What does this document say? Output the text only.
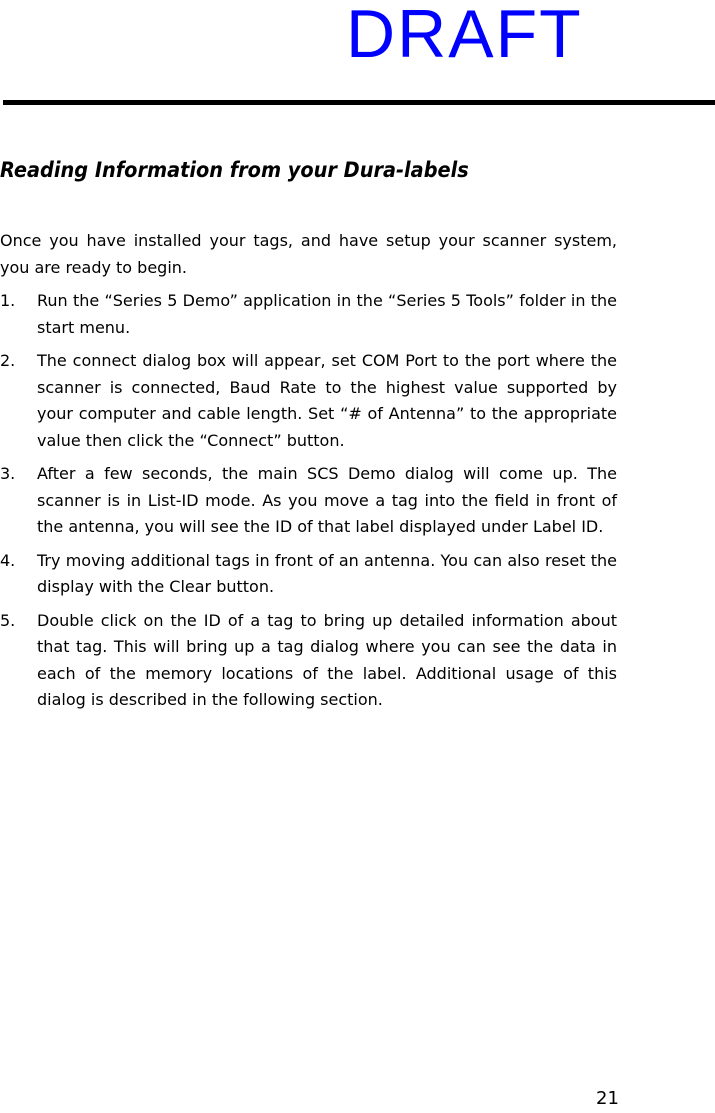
DRAFT
Reading Information from your Dura-labels

Once you have installed your tags, and have setup your scanner system, you are ready to begin.

1. Run the “Series 5 Demo” application in the “Series 5 Tools” folder in the start menu.
2. The connect dialog box will appear, set COM Port to the port where the scanner is connected, Baud Rate to the highest value supported by your computer and cable length. Set “# of Antenna” to the appropriate value then click the “Connect” button.
3. After a few seconds, the main SCS Demo dialog will come up. The scanner is in List-ID mode. As you move a tag into the field in front of the antenna, you will see the ID of that label displayed under Label ID.
4. Try moving additional tags in front of an antenna. You can also reset the display with the Clear button.
5. Double click on the ID of a tag to bring up detailed information about that tag. This will bring up a tag dialog where you can see the data in each of the memory locations of the label. Additional usage of this dialog is described in the following section.
21
